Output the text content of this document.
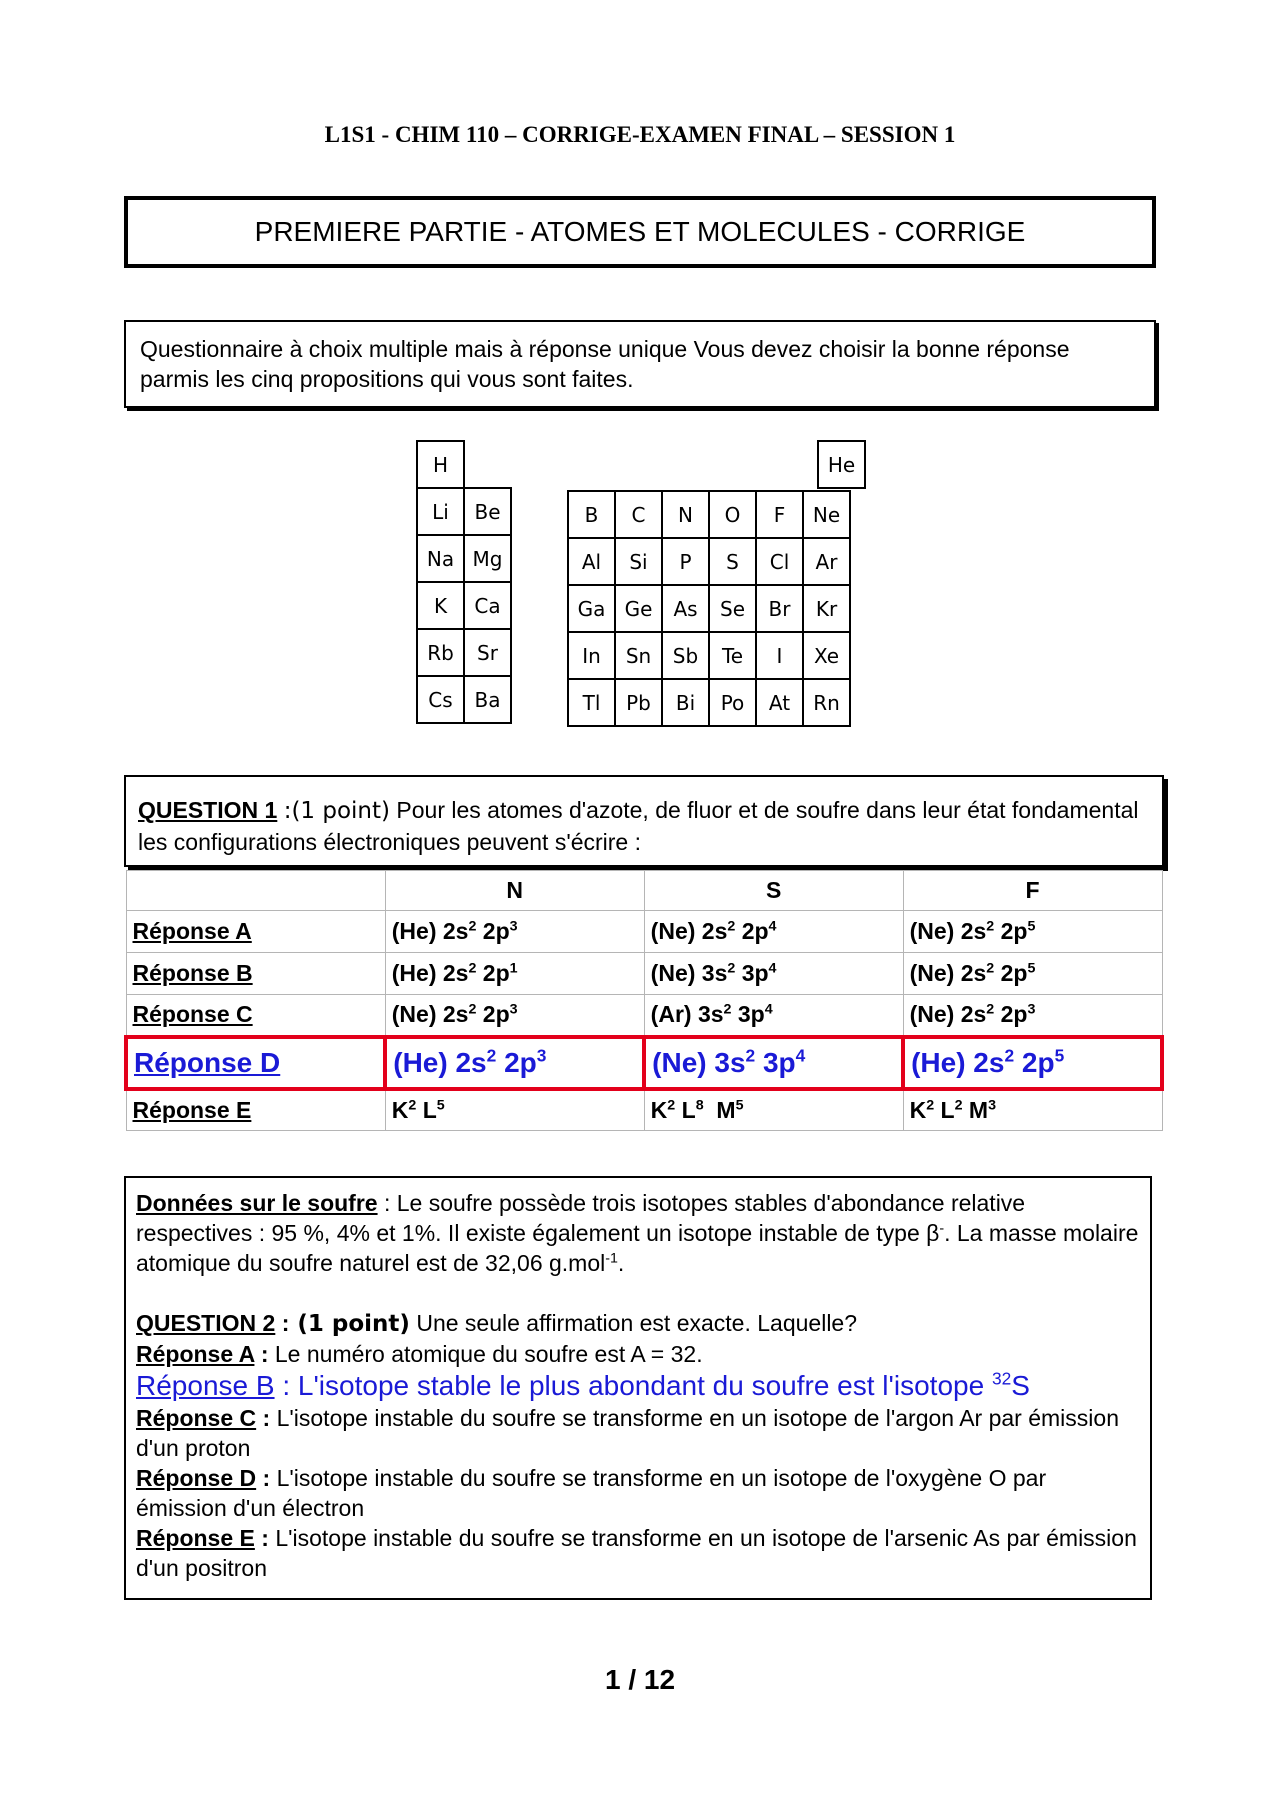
L1S1 - CHIM 110 – CORRIGE-EXAMEN FINAL – SESSION 1
PREMIERE PARTIE - ATOMES ET MOLECULES - CORRIGE
Questionnaire à choix multiple mais à réponse unique Vous devez choisir la bonne réponse parmis les cinq propositions qui vous sont faites.
H	
Li	Be
Na	Mg
K	Ca
Rb	Sr
Cs	Ba
He
B	C	N	O	F	Ne
Al	Si	P	S	Cl	Ar
Ga	Ge	As	Se	Br	Kr
In	Sn	Sb	Te	I	Xe
Tl	Pb	Bi	Po	At	Rn
QUESTION 1 :(1 point) Pour les atomes d'azote, de fluor et de soufre dans leur état fondamental les configurations électroniques peuvent s'écrire :
	N	S	F
Réponse A	(He) $2s^2$ $2p^3$	(Ne) $2s^2$ $2p^4$	(Ne) $2s^2$ $2p^5$
Réponse B	(He) $2s^2$ $2p^1$	(Ne) $3s^2$ $3p^4$	(Ne) $2s^2$ $2p^5$
Réponse C	(Ne) $2s^2$ $2p^3$	(Ar) $3s^2$ $3p^4$	(Ne) $2s^2$ $2p^3$
Réponse D	(He) $2s^2$ $2p^3$	(Ne) $3s^2$ $3p^4$	(He) $2s^2$ $2p^5$
Réponse E	$K^2$ $L^5$	$K^2$ $L^8$  $M^5$	$K^2$ $L^2$ $M^3$

Données sur le soufre : Le soufre possède trois isotopes stables d'abondance relative respectives : 95 %, 4% et 1%. Il existe également un isotope instable de type β-. La masse molaire atomique du soufre naturel est de 32,06 g.mol$^{-1}$.

QUESTION 2 : (1 point) Une seule affirmation est exacte. Laquelle?

Réponse A : Le numéro atomique du soufre est A = 32.

Réponse B : L'isotope stable le plus abondant du soufre est l'isotope $^{32}$S

Réponse C : L'isotope instable du soufre se transforme en un isotope de l'argon Ar par émission d'un proton

Réponse D : L'isotope instable du soufre se transforme en un isotope de l'oxygène O par émission d'un électron

Réponse E : L'isotope instable du soufre se transforme en un isotope de l'arsenic As par émission d'un positron

1 / 12
